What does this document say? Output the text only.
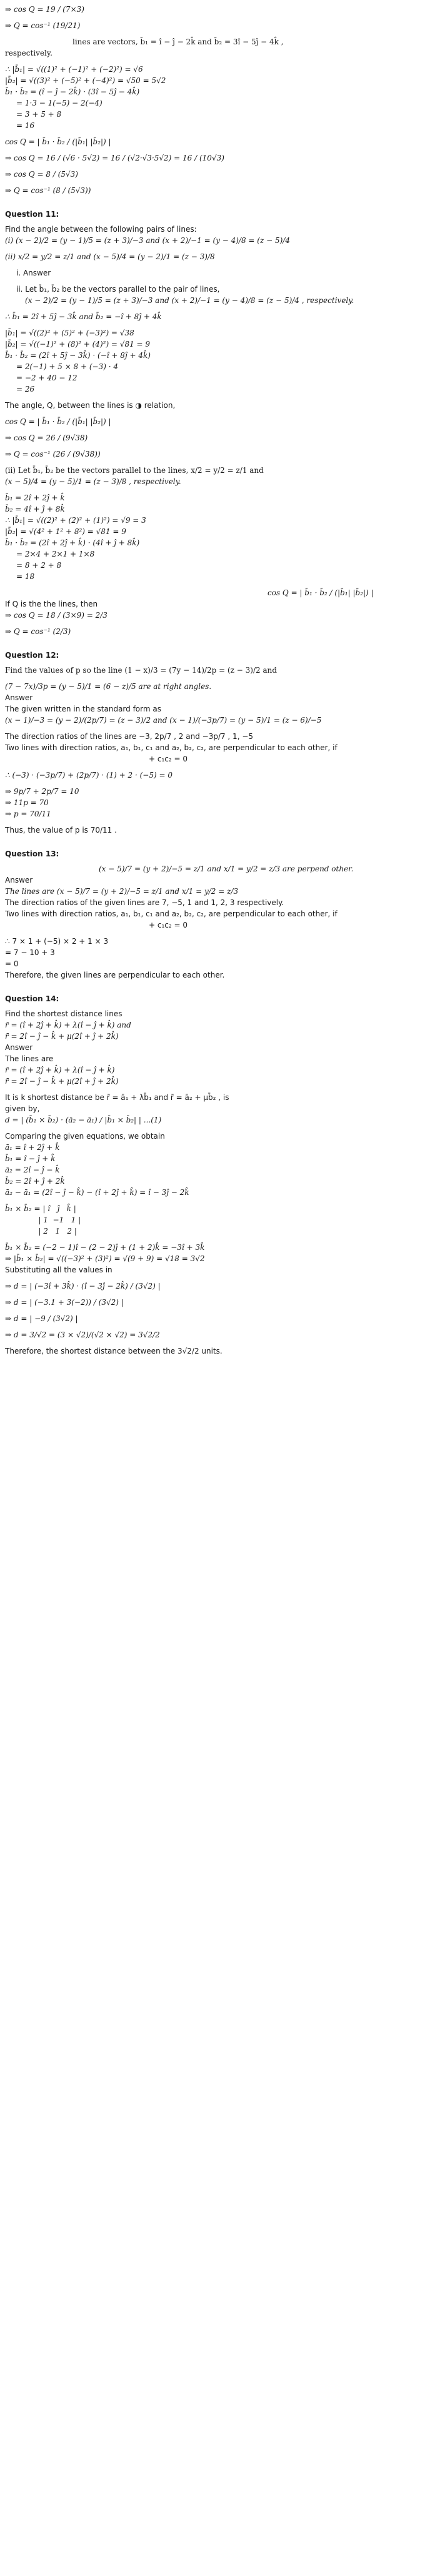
⇒ cos Q = 19 / (7×3)

⇒ Q = cos⁻¹ (19/21)

lines are vectors, b̄₁ = î − ĵ − 2k̂ and b̄₂ = 3î − 5ĵ − 4k̂ ,

respectively.

∴ |b̄₁| = √((1)² + (−1)² + (−2)²) = √6

|b̄₂| = √((3)² + (−5)² + (−4)²) = √50 = 5√2

b̄₁ · b̄₂ = (î − ĵ − 2k̂) · (3î − 5ĵ − 4k̂)

= 1·3 − 1(−5) − 2(−4)

= 3 + 5 + 8

= 16

cos Q = | b̄₁ · b̄₂ / (|b̄₁| |b̄₂|) |

⇒ cos Q = 16 / (√6 · 5√2) = 16 / (√2·√3·5√2) = 16 / (10√3)

⇒ cos Q = 8 / (5√3)

⇒ Q = cos⁻¹ (8 / (5√3))

Question 11:

Find the angle between the following pairs of lines:

(i) (x − 2)/2 = (y − 1)/5 = (z + 3)/−3 and (x + 2)/−1 = (y − 4)/8 = (z − 5)/4

(ii) x/2 = y/2 = z/1 and (x − 5)/4 = (y − 2)/1 = (z − 3)/8

i. Answer

ii. Let b̄₁, b̄₂ be the vectors parallel to the pair of lines,

(x − 2)/2 = (y − 1)/5 = (z + 3)/−3 and (x + 2)/−1 = (y − 4)/8 = (z − 5)/4 , respectively.

∴ b̄₁ = 2î + 5ĵ − 3k̂ and b̄₂ = −î + 8ĵ + 4k̂

|b̄₁| = √((2)² + (5)² + (−3)²) = √38

|b̄₂| = √((−1)² + (8)² + (4)²) = √81 = 9

b̄₁ · b̄₂ = (2î + 5ĵ − 3k̂) · (−î + 8ĵ + 4k̂)

= 2(−1) + 5 × 8 + (−3) · 4

= −2 + 40 − 12

= 26

The angle, Q, between the lines is ◑ relation,

cos Q = | b̄₁ · b̄₂ / (|b̄₁| |b̄₂|) |

⇒ cos Q = 26 / (9√38)

⇒ Q = cos⁻¹ (26 / (9√38))

(ii) Let b̄₁, b̄₂ be the vectors parallel to the lines, x/2 = y/2 = z/1 and

(x − 5)/4 = (y − 5)/1 = (z − 3)/8 , respectively.

b̄₁ = 2î + 2ĵ + k̂

b̄₂ = 4î + ĵ + 8k̂

∴ |b̄₁| = √((2)² + (2)² + (1)²) = √9 = 3

|b̄₂| = √(4² + 1² + 8²) = √81 = 9

b̄₁ · b̄₂ = (2î + 2ĵ + k̂) · (4î + ĵ + 8k̂)

= 2×4 + 2×1 + 1×8

= 8 + 2 + 8

= 18

cos Q = | b̄₁ · b̄₂ / (|b̄₁| |b̄₂|) |

If Q is the the lines, then

⇒ cos Q = 18 / (3×9) = 2/3

⇒ Q = cos⁻¹ (2/3)

Question 12:

Find the values of p so the line (1 − x)/3 = (7y − 14)/2p = (z − 3)/2 and

(7 − 7x)/3p = (y − 5)/1 = (6 − z)/5 are at right angles.

Answer

The given written in the standard form as

(x − 1)/−3 = (y − 2)/(2p/7) = (z − 3)/2 and (x − 1)/(−3p/7) = (y − 5)/1 = (z − 6)/−5

The direction ratios of the lines are −3, 2p/7 , 2 and −3p/7 , 1, −5

Two lines with direction ratios, a₁, b₁, c₁ and a₂, b₂, c₂, are perpendicular to each other, if

+ c₁c₂ = 0

∴ (−3) · (−3p/7) + (2p/7) · (1) + 2 · (−5) = 0

⇒ 9p/7 + 2p/7 = 10

⇒ 11p = 70

⇒ p = 70/11

Thus, the value of p is 70/11 .

Question 13:

(x − 5)/7 = (y + 2)/−5 = z/1 and x/1 = y/2 = z/3 are perpend other.

Answer

The lines are (x − 5)/7 = (y + 2)/−5 = z/1 and x/1 = y/2 = z/3

The direction ratios of the given lines are 7, −5, 1 and 1, 2, 3 respectively.

Two lines with direction ratios, a₁, b₁, c₁ and a₂, b₂, c₂, are perpendicular to each other, if

+ c₁c₂ = 0

∴ 7 × 1 + (−5) × 2 + 1 × 3

= 7 − 10 + 3

= 0

Therefore, the given lines are perpendicular to each other.

Question 14:

Find the shortest distance lines

r̄ = (î + 2ĵ + k̂) + λ(î − ĵ + k̂) and

r̄ = 2î − ĵ − k̂ + μ(2î + ĵ + 2k̂)

Answer

The lines are

r̄ = (î + 2ĵ + k̂) + λ(î − ĵ + k̂)

r̄ = 2î − ĵ − k̂ + μ(2î + ĵ + 2k̂)

It is k shortest distance be r̄ = ā₁ + λb̄₁ and r̄ = ā₂ + μb̄₂ , is

given by,

d = | (b̄₁ × b̄₂) · (ā₂ − ā₁) / |b̄₁ × b̄₂| | ...(1)

Comparing the given equations, we obtain

ā₁ = î + 2ĵ + k̂

b̄₁ = î − ĵ + k̂

ā₂ = 2î − ĵ − k̂

b̄₂ = 2î + ĵ + 2k̂

ā₂ − ā₁ = (2î − ĵ − k̂) − (î + 2ĵ + k̂) = î − 3ĵ − 2k̂

b̄₁ × b̄₂ = | î   ĵ   k̂ |

| 1  −1   1 |

| 2   1   2 |

b̄₁ × b̄₂ = (−2 − 1)î − (2 − 2)ĵ + (1 + 2)k̂ = −3î + 3k̂

⇒ |b̄₁ × b̄₂| = √((−3)² + (3)²) = √(9 + 9) = √18 = 3√2

Substituting all the values in

⇒ d = | (−3î + 3k̂) · (î − 3ĵ − 2k̂) / (3√2) |

⇒ d = | (−3.1 + 3(−2)) / (3√2) |

⇒ d = | −9 / (3√2) |

⇒ d = 3/√2 = (3 × √2)/(√2 × √2) = 3√2/2

Therefore, the shortest distance between the 3√2/2 units.
